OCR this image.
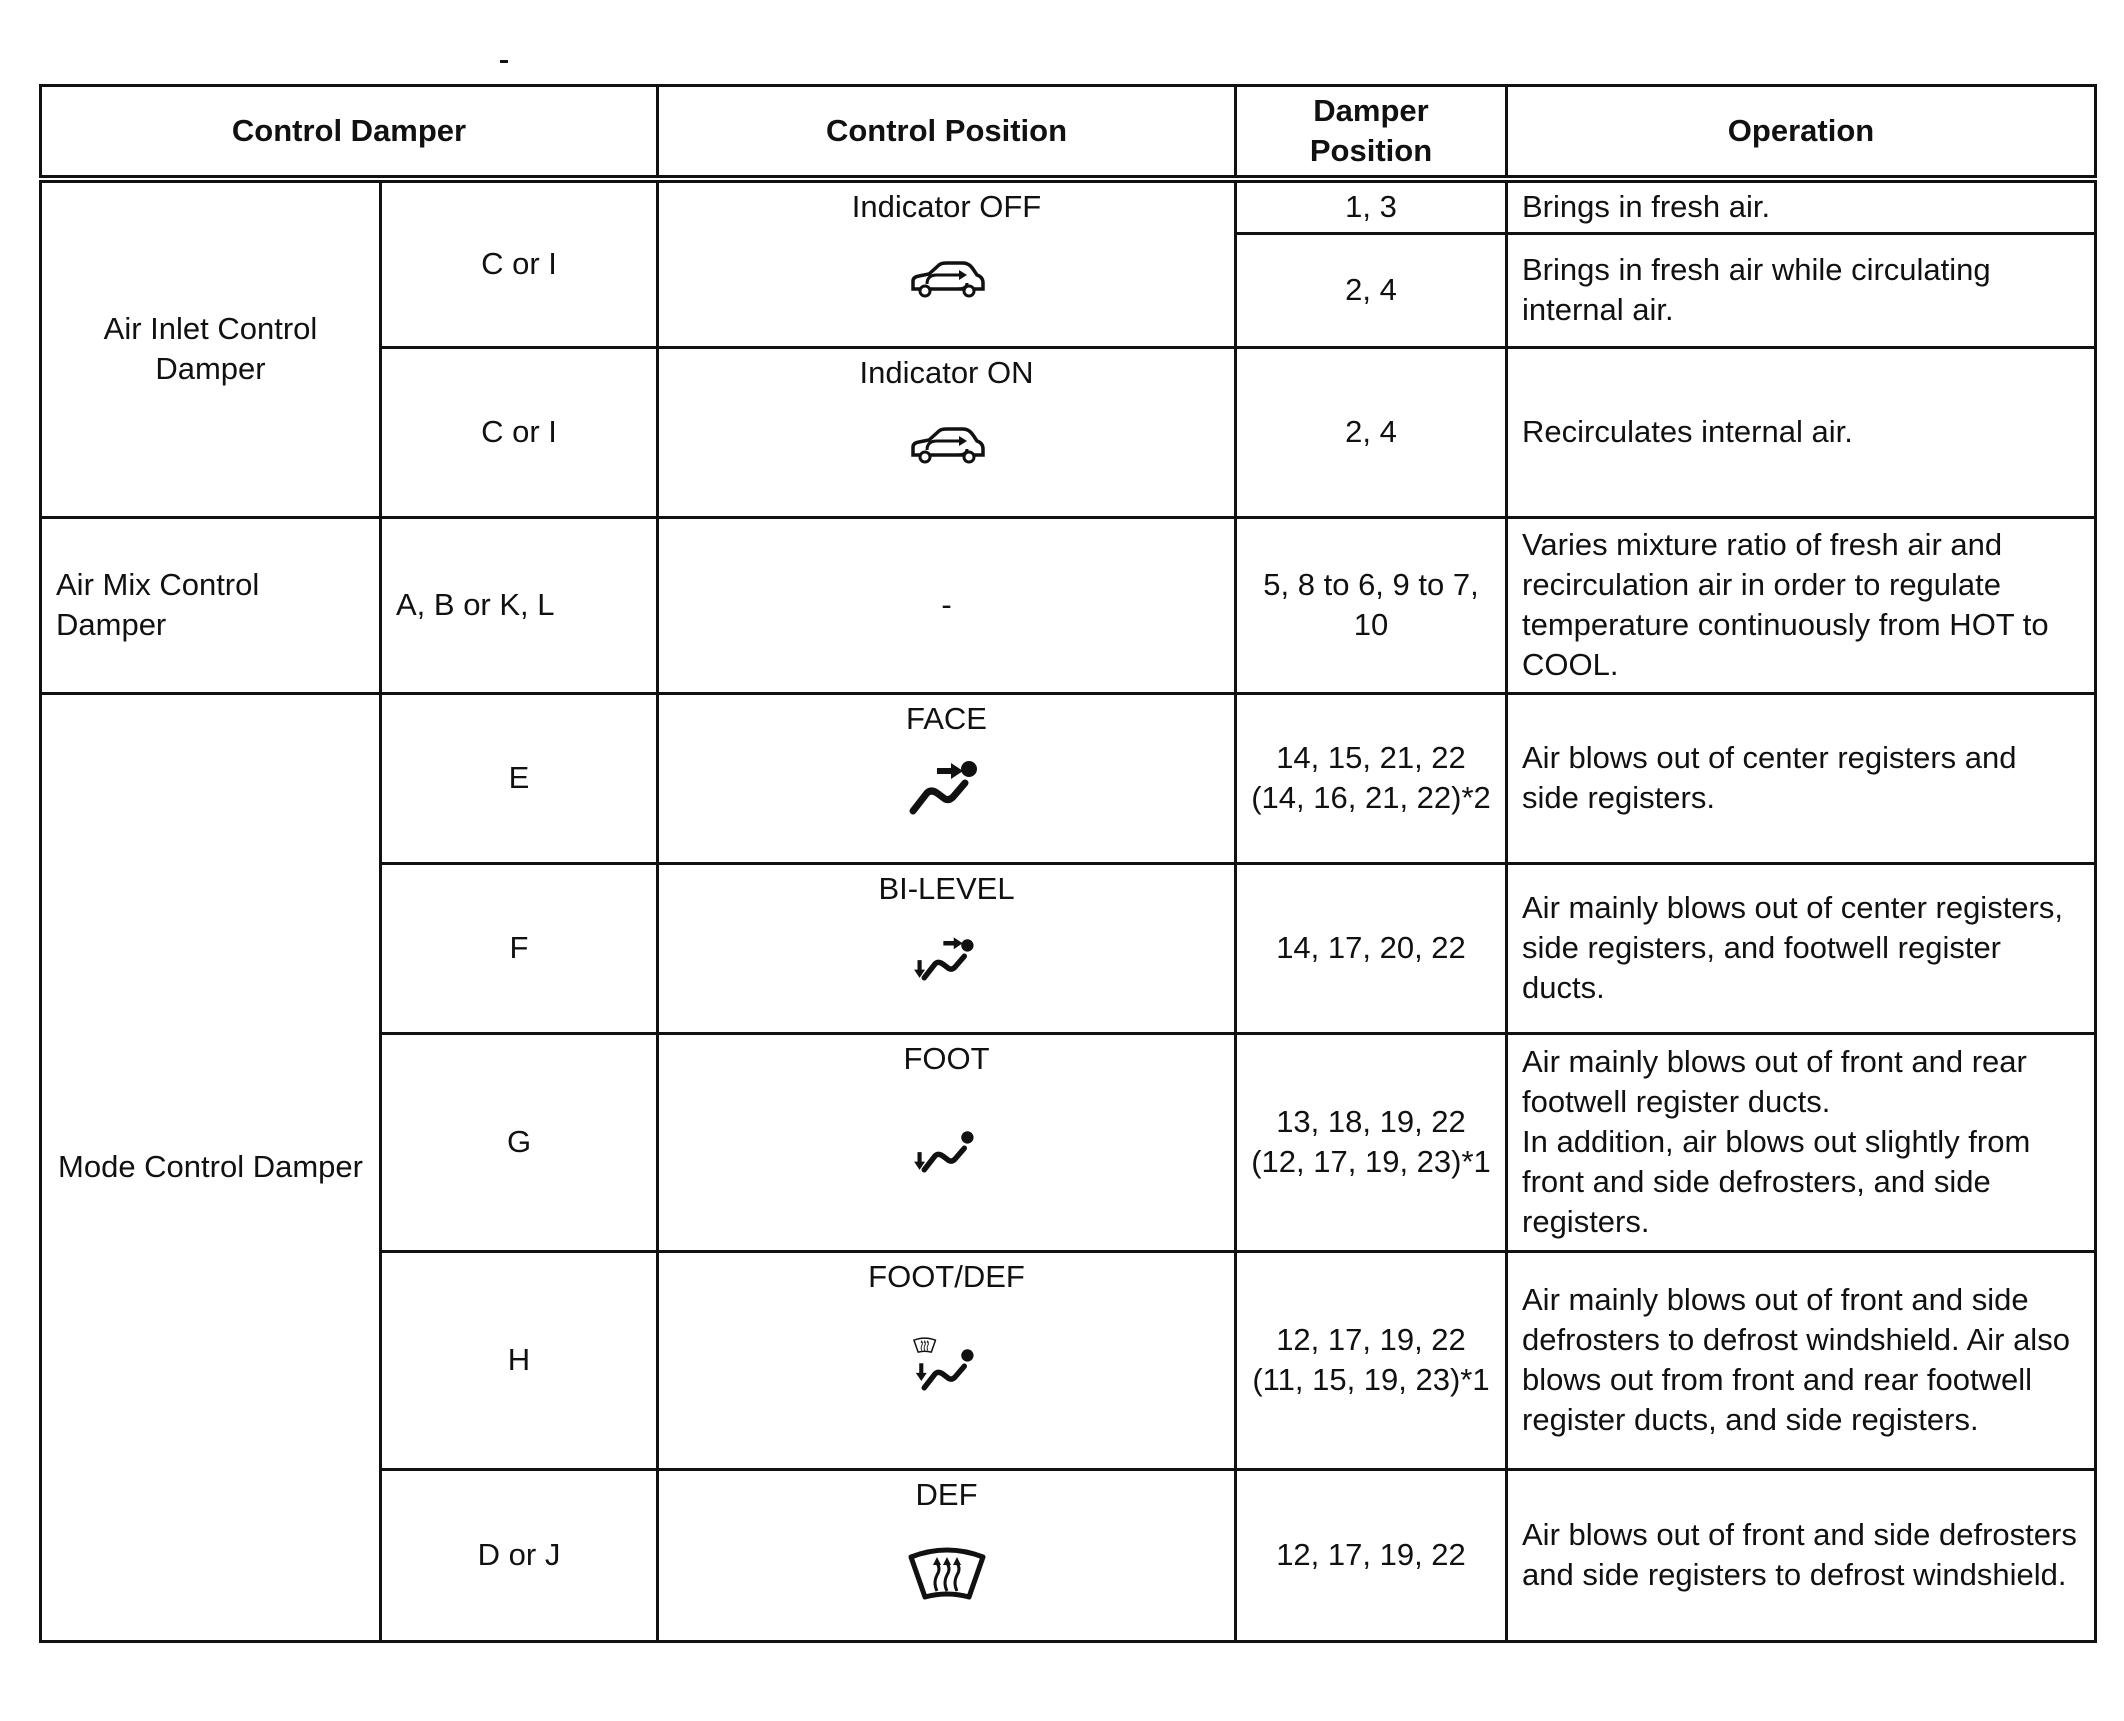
Control Damper		Control Position	Damper Position	Operation
Air Inlet Control Damper	C or I	Indicator OFF	1, 3	Brings in fresh air.
			2, 4	Brings in fresh air while circulating internal air.
	C or I	Indicator ON	2, 4	Recirculates internal air.
Air Mix Control Damper	A, B or K, L	-	5, 8 to 6, 9 to 7, 10	Varies mixture ratio of fresh air and recirculation air in order to regulate temperature continuously from HOT to COOL.
Mode Control Damper	E	FACE	14, 15, 21, 22 (14, 16, 21, 22)*2	Air blows out of center registers and side registers.
	F	BI-LEVEL	14, 17, 20, 22	Air mainly blows out of center registers, side registers, and footwell register ducts.
	G	FOOT	13, 18, 19, 22 (12, 17, 19, 23)*1	Air mainly blows out of front and rear footwell register ducts.
In addition, air blows out slightly from front and side defrosters, and side registers.

	H	FOOT/DEF	12, 17, 19, 22 (11, 15, 19, 23)*1	Air mainly blows out of front and side defrosters to defrost windshield. Air also blows out from front and rear footwell register ducts, and side registers.
	D or J	DEF	12, 17, 19, 22	Air blows out of front and side defrosters and side registers to defrost windshield.
